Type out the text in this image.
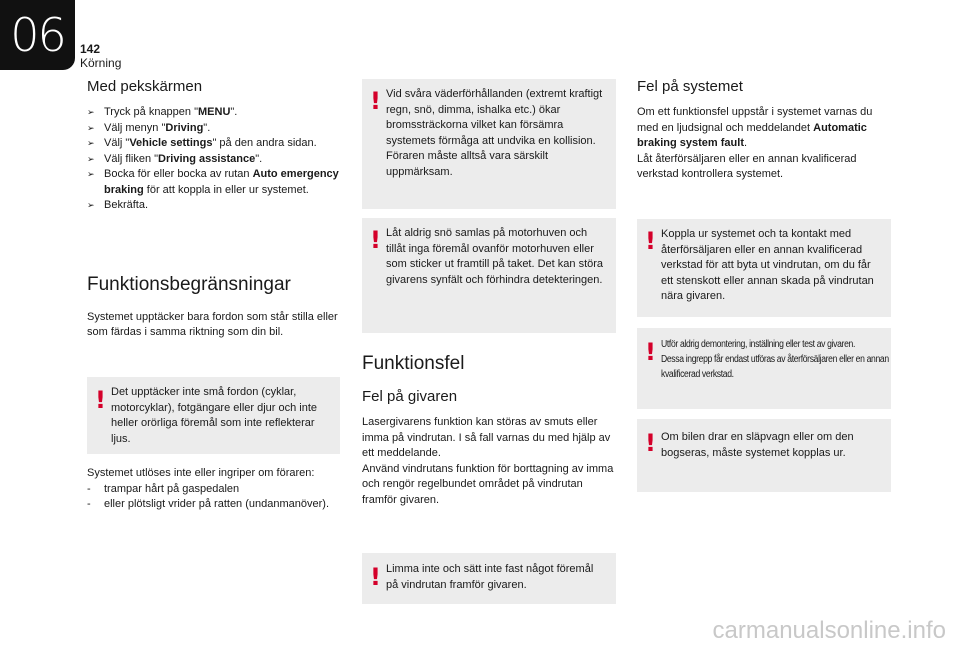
06	142
Körning
Med pekskärmen
➢ Tryck på knappen "MENU".
➢ Välj menyn "Driving".
➢ Välj "Vehicle settings" på den andra sidan.
➢ Välj fliken "Driving assistance".
➢ Bocka för eller bocka av rutan Auto emergency braking för att koppla in eller ur systemet.
➢ Bekräfta.
Funktionsbegränsningar

Systemet upptäcker bara fordon som står stilla eller som färdas i samma riktning som din bil.

! Det upptäcker inte små fordon (cyklar, motorcyklar), fotgängare eller djur och inte heller orörliga föremål som inte reflekterar ljus.

Systemet utlöses inte eller ingriper om föraren:

- trampar hårt på gaspedalen
- eller plötsligt vrider på ratten (undanmanöver).
! Vid svåra väderförhållanden (extremt kraftigt regn, snö, dimma, ishalka etc.) ökar bromssträckorna vilket kan försämra systemets förmåga att undvika en kollision.
Föraren måste alltså vara särskilt uppmärksam.
! Låt aldrig snö samlas på motorhuven och tillåt inga föremål ovanför motorhuven eller som sticker ut framtill på taket. Det kan störa givarens synfält och förhindra detekteringen.
Funktionsfel
Fel på givaren

Lasergivarens funktion kan störas av smuts eller imma på vindrutan. I så fall varnas du med hjälp av ett meddelande.
Använd vindrutans funktion för borttagning av imma och rengör regelbundet området på vindrutan framför givaren.

! Limma inte och sätt inte fast något föremål på vindrutan framför givaren.
Fel på systemet

Om ett funktionsfel uppstår i systemet varnas du med en ljudsignal och meddelandet Automatic braking system fault.

Låt återförsäljaren eller en annan kvalificerad verkstad kontrollera systemet.

! Koppla ur systemet och ta kontakt med återförsäljaren eller en annan kvalificerad verkstad för att byta ut vindrutan, om du får ett stenskott eller annan skada på vindrutan nära givaren.
! Utför aldrig demontering, inställning eller test av givaren.
Dessa ingrepp får endast utföras av återförsäljaren eller en annan kvalificerad verkstad.
! Om bilen drar en släpvagn eller om den bogseras, måste systemet kopplas ur.
carmanualsonline.info
